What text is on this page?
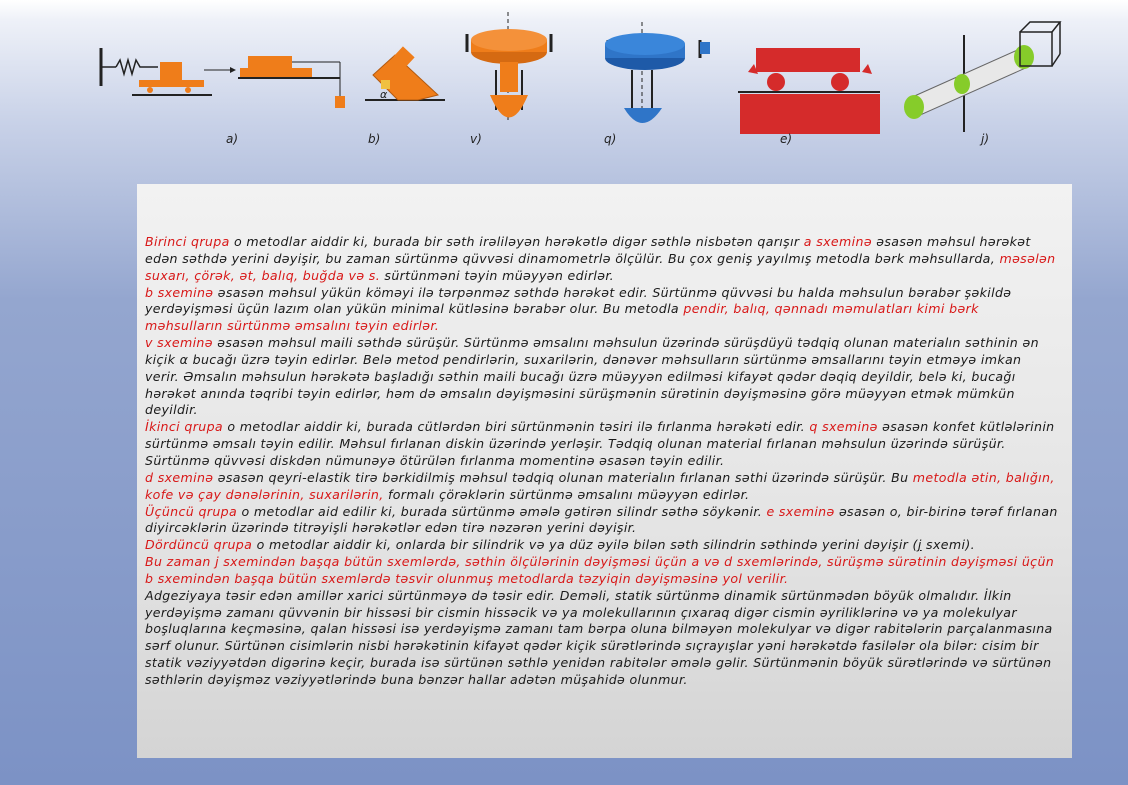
α
a)	b)	v)	q)	e)	j)

Birinci qrupa o metodlar aiddir ki, burada bir səth irəliləyən hərəkətlə digər səthlə nisbətən qarışır a sxeminə əsasən məhsul hərəkət edən səthdə yerini dəyişir, bu zaman sürtünmə qüvvəsi dinamometrlə ölçülür. Bu çox geniş yayılmış metodla bərk məhsullarda, məsələn suxarı, çörək, ət, balıq, buğda və s. sürtünməni təyin müəyyən edirlər.

b sxeminə əsasən məhsul yükün köməyi ilə tərpənməz səthdə hərəkət edir. Sürtünmə qüvvəsi bu halda məhsulun bərabər şəkildə yerdəyişməsi üçün lazım olan yükün minimal kütləsinə bərabər olur. Bu metodla pendir, balıq, qənnadı məmulatları kimi bərk məhsulların sürtünmə əmsalını təyin edirlər.

v sxeminə əsasən məhsul maili səthdə sürüşür. Sürtünmə əmsalını məhsulun üzərində sürüşdüyü tədqiq olunan materialın səthinin ən kiçik α bucağı üzrə təyin edirlər. Belə metod pendirlərin, suxarilərin, dənəvər məhsulların sürtünmə əmsallarını təyin etməyə imkan verir. Əmsalın məhsulun hərəkətə başladığı səthin maili bucağı üzrə müəyyən edilməsi kifayət qədər dəqiq deyildir, belə ki, bucağı hərəkət anında təqribi təyin edirlər, həm də əmsalın dəyişməsini sürüşmənin sürətinin dəyişməsinə görə müəyyən etmək mümkün deyildir.

İkinci qrupa o metodlar aiddir ki, burada cütlərdən biri sürtünmənin təsiri ilə fırlanma hərəkəti edir. q sxeminə əsasən konfet kütlələrinin sürtünmə əmsalı təyin edilir. Məhsul fırlanan diskin üzərində yerləşir. Tədqiq olunan material fırlanan məhsulun üzərində sürüşür. Sürtünmə qüvvəsi diskdən nümunəyə ötürülən fırlanma momentinə əsasən təyin edilir.

d sxeminə əsasən qeyri-elastik tirə bərkidilmiş məhsul tədqiq olunan materialın fırlanan səthi üzərində sürüşür. Bu metodla ətin, balığın, kofe və çay dənələrinin, suxarilərin, formalı çörəklərin sürtünmə əmsalını müəyyən edirlər.

Üçüncü qrupa o metodlar aid edilir ki, burada sürtünmə əmələ gətirən silindr səthə söykənir. e sxeminə əsasən o, bir-birinə tərəf fırlanan diyircəklərin üzərində titrəyişli hərəkətlər edən tirə nəzərən yerini dəyişir.

Dördüncü qrupa o metodlar aiddir ki, onlarda bir silindrik və ya düz əyilə bilən səth silindrin səthində yerini dəyişir (j sxemi).

Bu zaman j sxemindən başqa bütün sxemlərdə, səthin ölçülərinin dəyişməsi üçün a və d sxemlərində, sürüşmə sürətinin dəyişməsi üçün b sxemindən başqa bütün sxemlərdə təsvir olunmuş metodlarda təzyiqin dəyişməsinə yol verilir.

Adgeziyaya təsir edən amillər xarici sürtünməyə də təsir edir. Deməli, statik sürtünmə dinamik sürtünmədən böyük olmalıdır. İlkin yerdəyişmə zamanı qüvvənin bir hissəsi bir cismin hissəcik və ya molekullarının çıxaraq digər cismin əyriliklərinə və ya molekulyar boşluqlarına keçməsinə, qalan hissəsi isə yerdəyişmə zamanı tam bərpa oluna bilməyən molekulyar və digər rabitələrin parçalanmasına sərf olunur. Sürtünən cisimlərin nisbi hərəkətinin kifayət qədər kiçik sürətlərində sıçrayışlar yəni hərəkətdə fasilələr ola bilər: cisim bir statik vəziyyətdən digərinə keçir, burada isə sürtünən səthlə yenidən rabitələr əmələ gəlir. Sürtünmənin böyük sürətlərində və sürtünən səthlərin dəyişməz vəziyyətlərində buna bənzər hallar adətən müşahidə olunmur.
